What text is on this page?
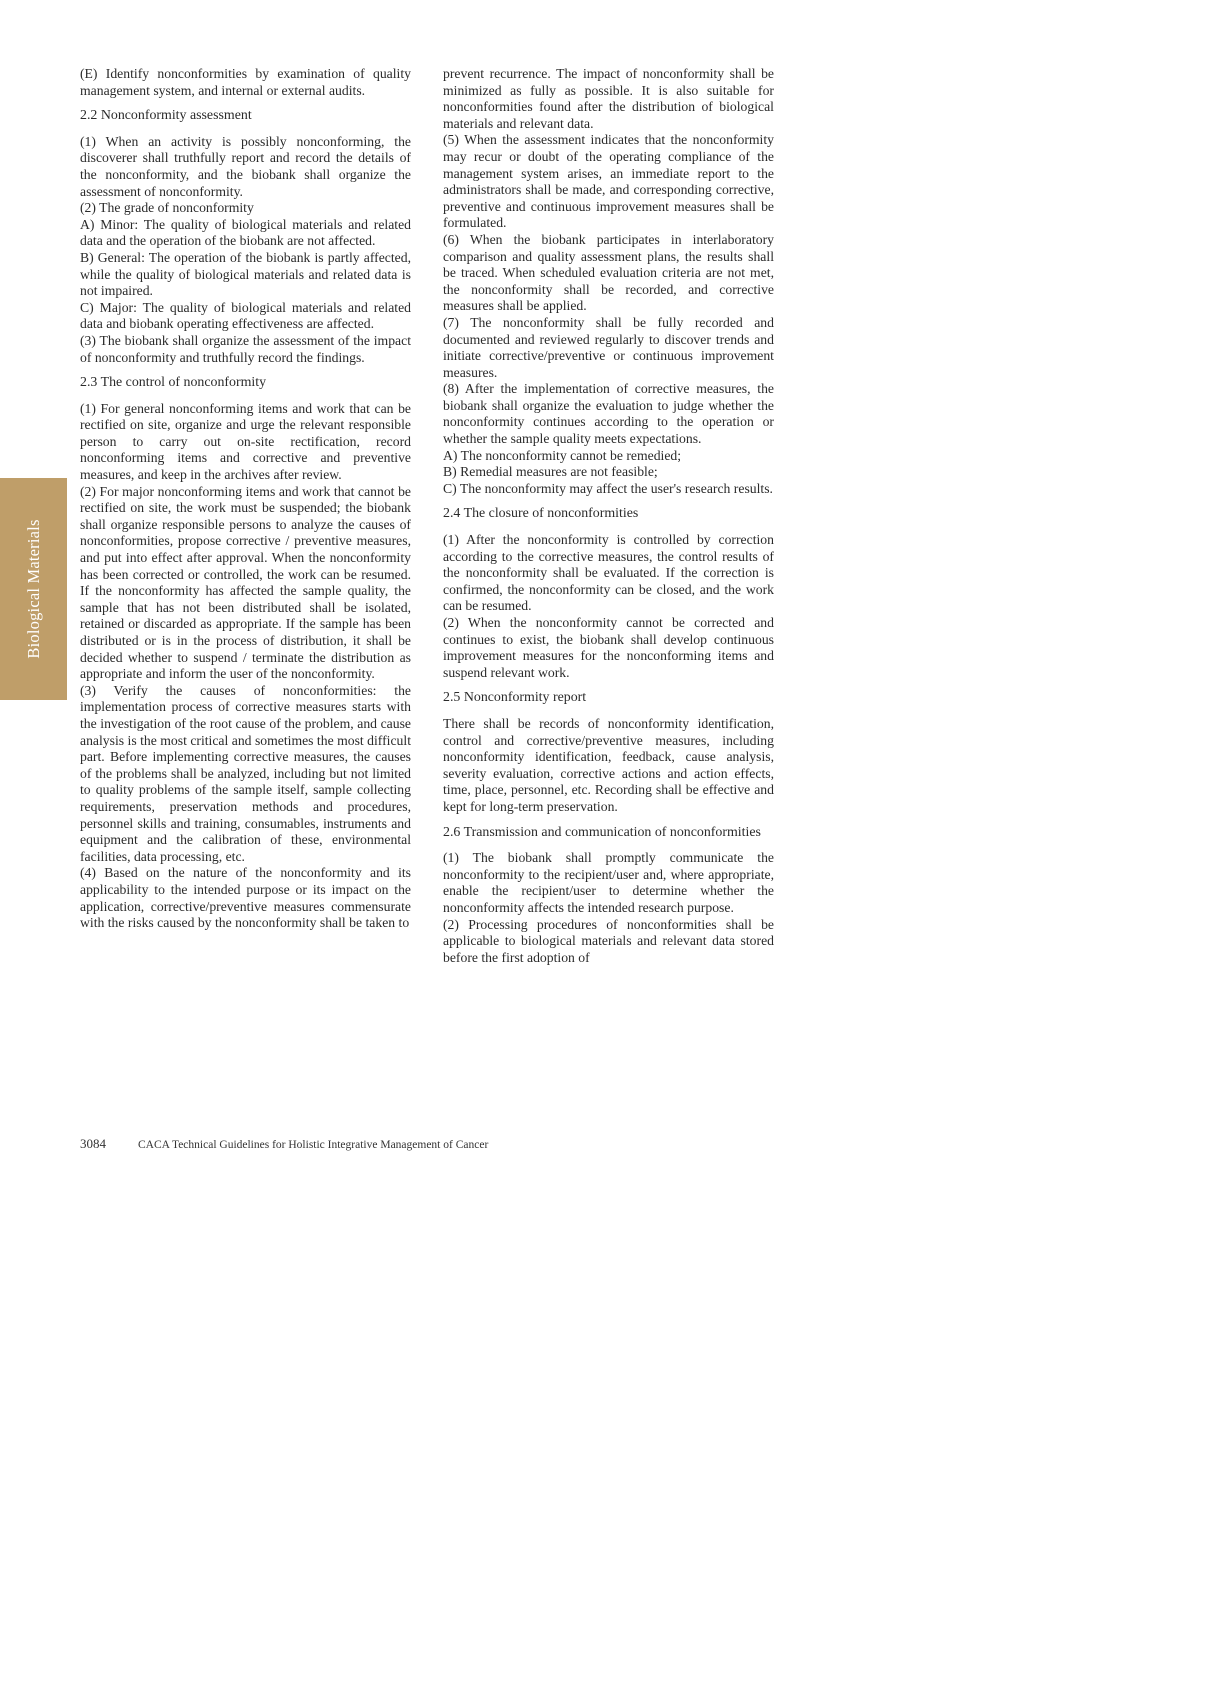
Biological Materials

(E) Identify nonconformities by examination of quality management system, and internal or external audits.

2.2 Nonconformity assessment

(1) When an activity is possibly nonconforming, the discoverer shall truthfully report and record the details of the nonconformity, and the biobank shall organize the assessment of nonconformity.

(2) The grade of nonconformity

A) Minor: The quality of biological materials and related data and the operation of the biobank are not affected.

B) General: The operation of the biobank is partly affected, while the quality of biological materials and related data is not impaired.

C) Major: The quality of biological materials and related data and biobank operating effectiveness are affected.

(3) The biobank shall organize the assessment of the impact of nonconformity and truthfully record the findings.

2.3 The control of nonconformity

(1) For general nonconforming items and work that can be rectified on site, organize and urge the relevant responsible person to carry out on-site rectification, record nonconforming items and corrective and preventive measures, and keep in the archives after review.

(2) For major nonconforming items and work that cannot be rectified on site, the work must be suspended; the biobank shall organize responsible persons to analyze the causes of nonconformities, propose corrective / preventive measures, and put into effect after approval. When the nonconformity has been corrected or controlled, the work can be resumed. If the nonconformity has affected the sample quality, the sample that has not been distributed shall be isolated, retained or discarded as appropriate. If the sample has been distributed or is in the process of distribution, it shall be decided whether to suspend / terminate the distribution as appropriate and inform the user of the nonconformity.

(3) Verify the causes of nonconformities: the implementation process of corrective measures starts with the investigation of the root cause of the problem, and cause analysis is the most critical and sometimes the most difficult part. Before implementing corrective measures, the causes of the problems shall be analyzed, including but not limited to quality problems of the sample itself, sample collecting requirements, preservation methods and procedures, personnel skills and training, consumables, instruments and equipment and the calibration of these, environmental facilities, data processing, etc.

(4) Based on the nature of the nonconformity and its applicability to the intended purpose or its impact on the application, corrective/preventive measures commensurate with the risks caused by the nonconformity shall be taken to

prevent recurrence. The impact of nonconformity shall be minimized as fully as possible. It is also suitable for nonconformities found after the distribution of biological materials and relevant data.

(5) When the assessment indicates that the nonconformity may recur or doubt of the operating compliance of the management system arises, an immediate report to the administrators shall be made, and corresponding corrective, preventive and continuous improvement measures shall be formulated.

(6) When the biobank participates in interlaboratory comparison and quality assessment plans, the results shall be traced. When scheduled evaluation criteria are not met, the nonconformity shall be recorded, and corrective measures shall be applied.

(7) The nonconformity shall be fully recorded and documented and reviewed regularly to discover trends and initiate corrective/preventive or continuous improvement measures.

(8) After the implementation of corrective measures, the biobank shall organize the evaluation to judge whether the nonconformity continues according to the operation or whether the sample quality meets expectations.

A) The nonconformity cannot be remedied;

B) Remedial measures are not feasible;

C) The nonconformity may affect the user's research results.

2.4 The closure of nonconformities

(1) After the nonconformity is controlled by correction according to the corrective measures, the control results of the nonconformity shall be evaluated. If the correction is confirmed, the nonconformity can be closed, and the work can be resumed.

(2) When the nonconformity cannot be corrected and continues to exist, the biobank shall develop continuous improvement measures for the nonconforming items and suspend relevant work.

2.5 Nonconformity report

There shall be records of nonconformity identification, control and corrective/preventive measures, including nonconformity identification, feedback, cause analysis, severity evaluation, corrective actions and action effects, time, place, personnel, etc. Recording shall be effective and kept for long-term preservation.

2.6 Transmission and communication of nonconformities

(1) The biobank shall promptly communicate the nonconformity to the recipient/user and, where appropriate, enable the recipient/user to determine whether the nonconformity affects the intended research purpose.

(2) Processing procedures of nonconformities shall be applicable to biological materials and relevant data stored before the first adoption of

3084	CACA Technical Guidelines for Holistic Integrative Management of Cancer
